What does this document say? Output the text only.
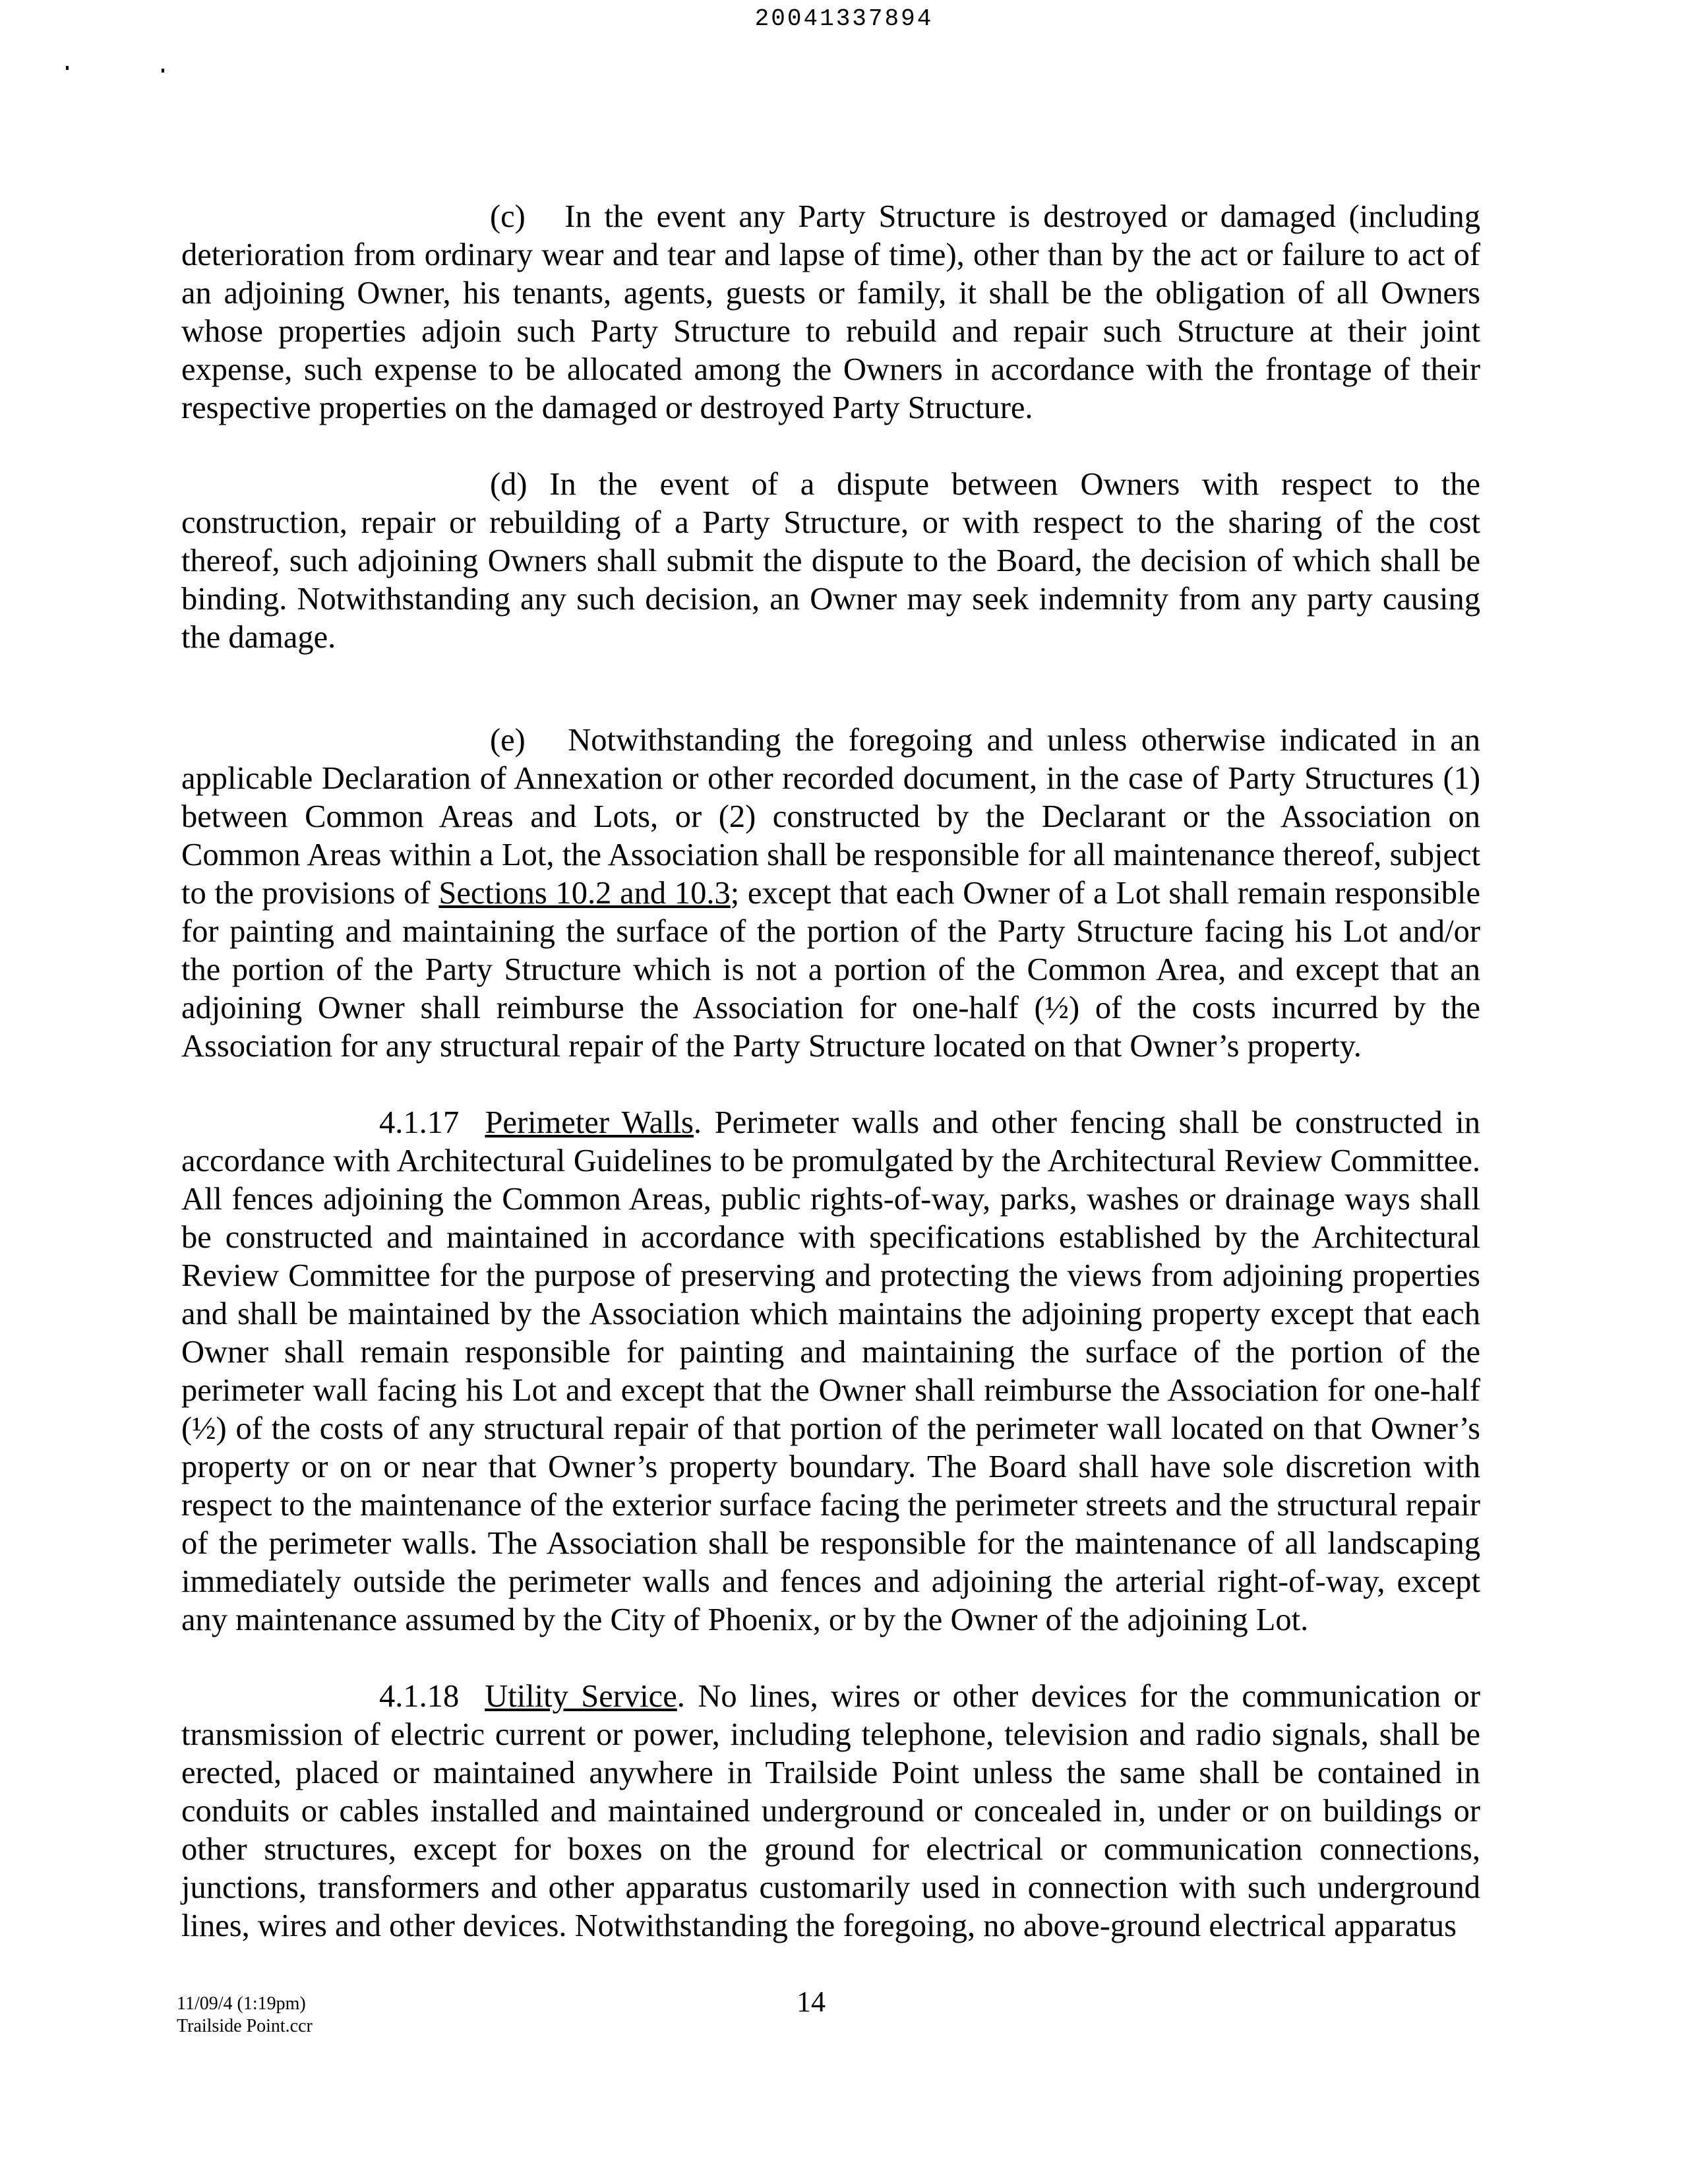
20041337894

(c) In the event any Party Structure is destroyed or damaged (including deterioration from ordinary wear and tear and lapse of time), other than by the act or failure to act of an adjoining Owner, his tenants, agents, guests or family, it shall be the obligation of all Owners whose properties adjoin such Party Structure to rebuild and repair such Structure at their joint expense, such expense to be allocated among the Owners in accordance with the frontage of their respective properties on the damaged or destroyed Party Structure.

(d) In the event of a dispute between Owners with respect to the construction, repair or rebuilding of a Party Structure, or with respect to the sharing of the cost thereof, such adjoining Owners shall submit the dispute to the Board, the decision of which shall be binding. Notwithstanding any such decision, an Owner may seek indemnity from any party causing the damage.

(e) Notwithstanding the foregoing and unless otherwise indicated in an applicable Declaration of Annexation or other recorded document, in the case of Party Structures (1) between Common Areas and Lots, or (2) constructed by the Declarant or the Association on Common Areas within a Lot, the Association shall be responsible for all maintenance thereof, subject to the provisions of Sections 10.2 and 10.3; except that each Owner of a Lot shall remain responsible for painting and maintaining the surface of the portion of the Party Structure facing his Lot and/or the portion of the Party Structure which is not a portion of the Common Area, and except that an adjoining Owner shall reimburse the Association for one-half (½) of the costs incurred by the Association for any structural repair of the Party Structure located on that Owner’s property.

4.1.17 Perimeter Walls. Perimeter walls and other fencing shall be constructed in accordance with Architectural Guidelines to be promulgated by the Architectural Review Committee. All fences adjoining the Common Areas, public rights-of-way, parks, washes or drainage ways shall be constructed and maintained in accordance with specifications established by the Architectural Review Committee for the purpose of preserving and protecting the views from adjoining properties and shall be maintained by the Association which maintains the adjoining property except that each Owner shall remain responsible for painting and maintaining the surface of the portion of the perimeter wall facing his Lot and except that the Owner shall reimburse the Association for one-half (½) of the costs of any structural repair of that portion of the perimeter wall located on that Owner’s property or on or near that Owner’s property boundary. The Board shall have sole discretion with respect to the maintenance of the exterior surface facing the perimeter streets and the structural repair of the perimeter walls. The Association shall be responsible for the maintenance of all landscaping immediately outside the perimeter walls and fences and adjoining the arterial right-of-way, except any maintenance assumed by the City of Phoenix, or by the Owner of the adjoining Lot.

4.1.18 Utility Service. No lines, wires or other devices for the communication or transmission of electric current or power, including telephone, television and radio signals, shall be erected, placed or maintained anywhere in Trailside Point unless the same shall be contained in conduits or cables installed and maintained underground or concealed in, under or on buildings or other structures, except for boxes on the ground for electrical or communication connections, junctions, transformers and other apparatus customarily used in connection with such underground lines, wires and other devices. Notwithstanding the foregoing, no above-ground electrical apparatus

11/09/4 (1:19pm)
Trailside Point.ccr
14
